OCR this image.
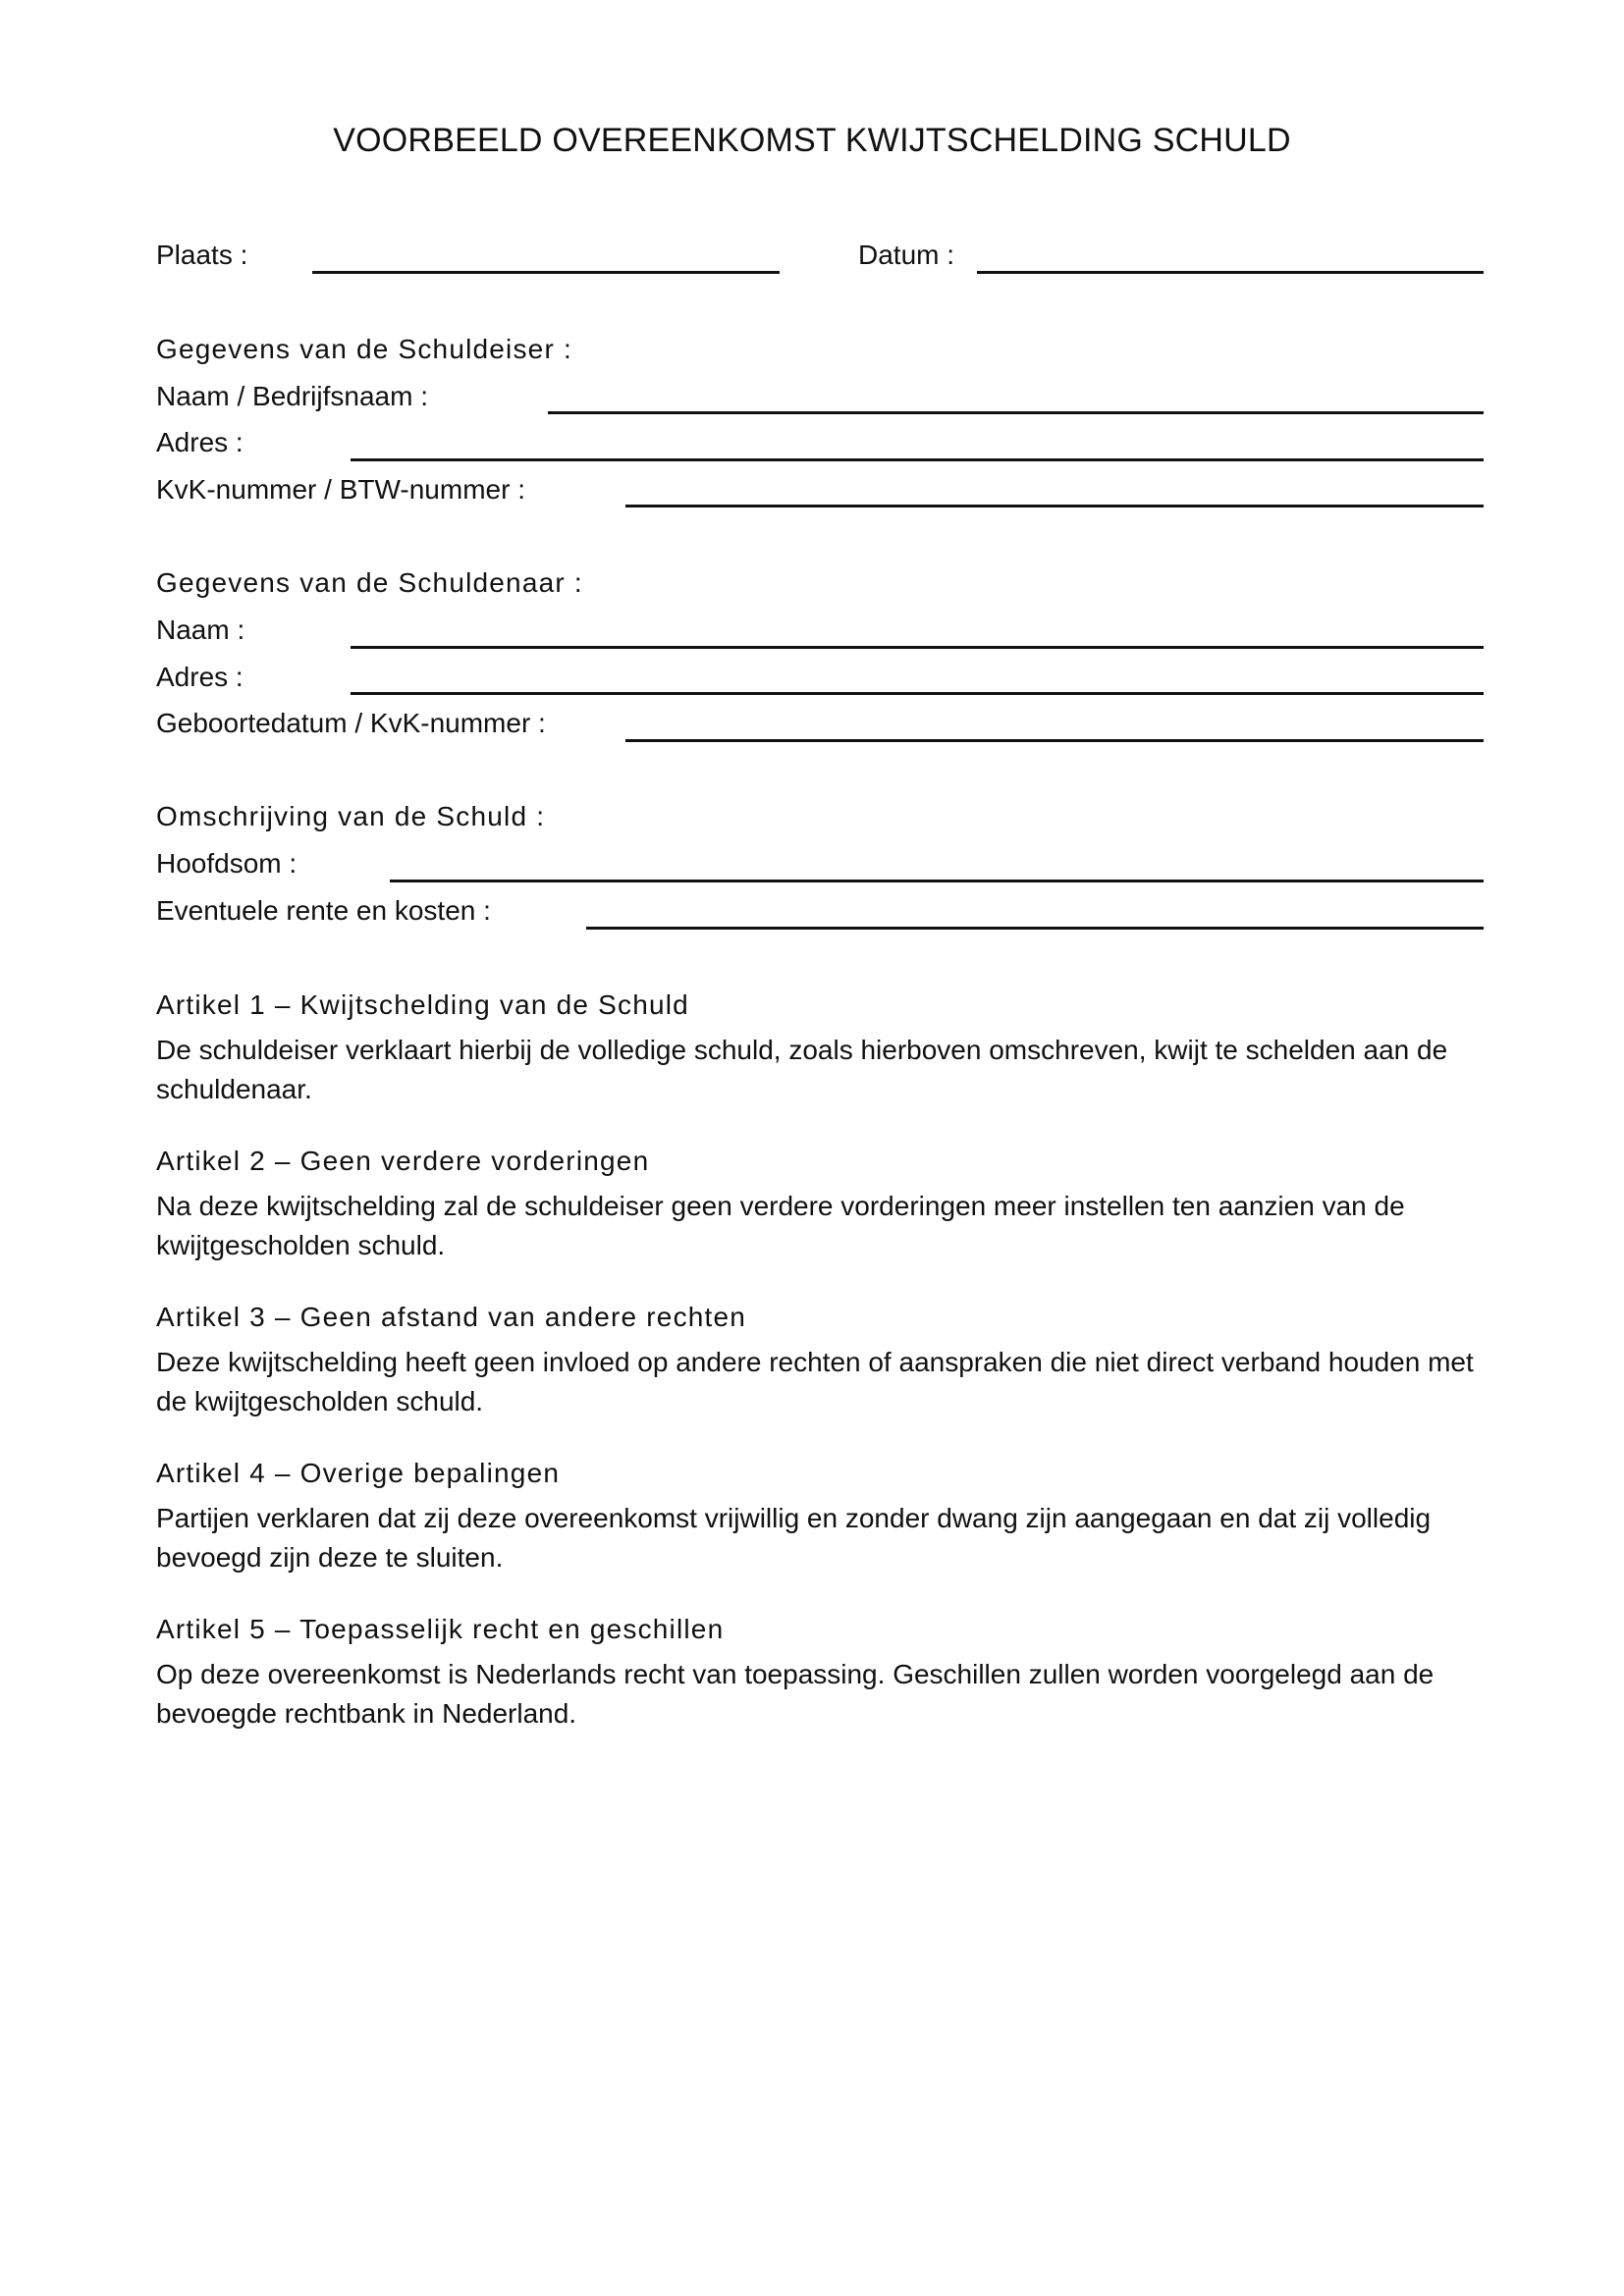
VOORBEELD OVEREENKOMST KWIJTSCHELDING SCHULD
Plaats :	Datum :
Gegevens van de Schuldeiser :
Naam / Bedrijfsnaam :
Adres :
KvK-nummer / BTW-nummer :
Gegevens van de Schuldenaar :
Naam :
Adres :
Geboortedatum / KvK-nummer :
Omschrijving van de Schuld :
Hoofdsom :
Eventuele rente en kosten :
Artikel 1 – Kwijtschelding van de Schuld
De schuldeiser verklaart hierbij de volledige schuld, zoals hierboven omschreven, kwijt te schelden aan de schuldenaar.
Artikel 2 – Geen verdere vorderingen
Na deze kwijtschelding zal de schuldeiser geen verdere vorderingen meer instellen ten aanzien van de kwijtgescholden schuld.
Artikel 3 – Geen afstand van andere rechten
Deze kwijtschelding heeft geen invloed op andere rechten of aanspraken die niet direct verband houden met de kwijtgescholden schuld.
Artikel 4 – Overige bepalingen
Partijen verklaren dat zij deze overeenkomst vrijwillig en zonder dwang zijn aangegaan en dat zij volledig bevoegd zijn deze te sluiten.
Artikel 5 – Toepasselijk recht en geschillen
Op deze overeenkomst is Nederlands recht van toepassing. Geschillen zullen worden voorgelegd aan de bevoegde rechtbank in Nederland.
